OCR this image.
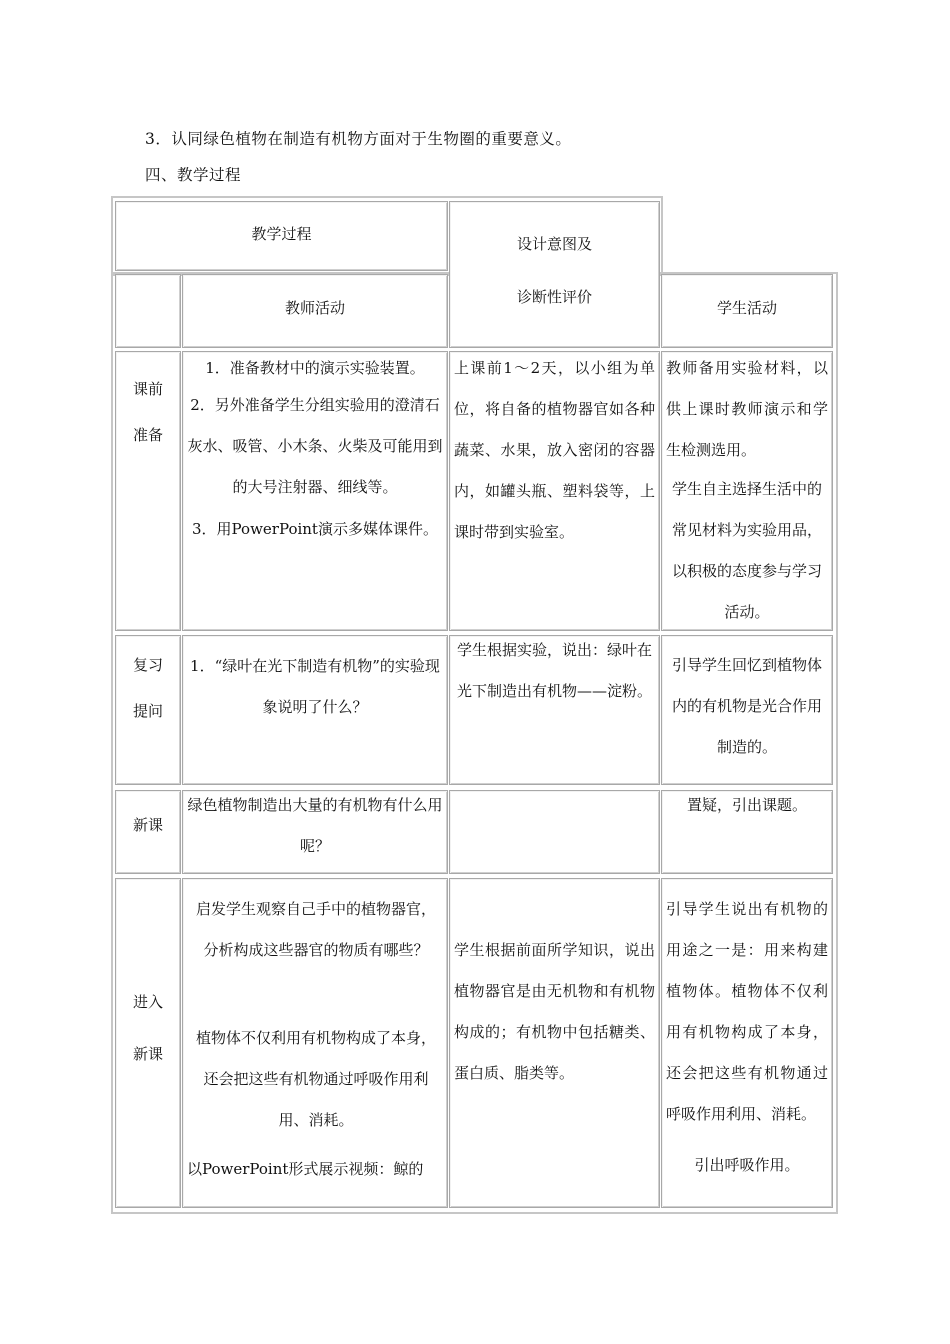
3．认同绿色植物在制造有机物方面对于生物圈的重要意义。
四、教学过程
教学过程
设计意图及
诊断性评价
教师活动	学生活动
课前
准备
1．准备教材中的演示实验装置。
2．另外准备学生分组实验用的澄清石灰水、吸管、小木条、火柴及可能用到的大号注射器、细线等。
3．用PowerPoint演示多媒体课件。
上课前1～2天，以小组为单位，将自备的植物器官如各种蔬菜、水果，放入密闭的容器内，如罐头瓶、塑料袋等，上课时带到实验室。
教师备用实验材料，以供上课时教师演示和学生检测选用。
学生自主选择生活中的常见材料为实验用品，以积极的态度参与学习活动。
复习
提问
1．“绿叶在光下制造有机物”的实验现象说明了什么？
学生根据实验，说出：绿叶在光下制造出有机物——淀粉。
引导学生回忆到植物体内的有机物是光合作用制造的。
新课
绿色植物制造出大量的有机物有什么用呢？
置疑，引出课题。
进入
新课
启发学生观察自己手中的植物器官，分析构成这些器官的物质有哪些？
植物体不仅利用有机物构成了本身，还会把这些有机物通过呼吸作用利用、消耗。
以PowerPoint形式展示视频：鲸的
学生根据前面所学知识，说出植物器官是由无机物和有机物构成的；有机物中包括糖类、蛋白质、脂类等。
引导学生说出有机物的用途之一是：用来构建植物体。植物体不仅利用有机物构成了本身，还会把这些有机物通过呼吸作用利用、消耗。
引出呼吸作用。
